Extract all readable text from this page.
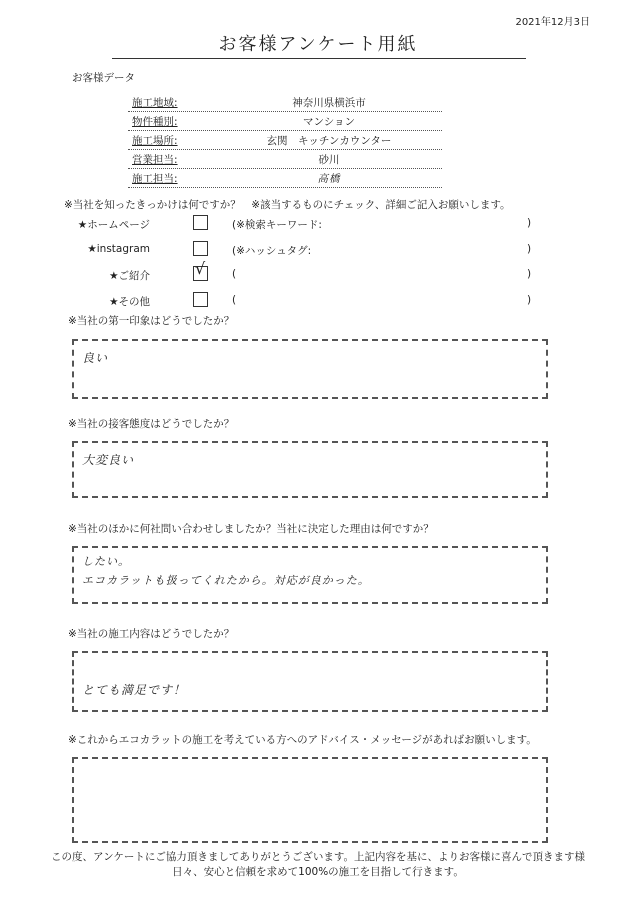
2021年12月3日
お客様アンケート用紙
お客様データ
施工地域:	神奈川県横浜市
物件種別:	マンション
施工場所:	玄関　キッチンカウンター
営業担当:	砂川
施工担当:	高橋
※当社を知ったきっかけは何ですか？　※該当するものにチェック、詳細ご記入お願いします。
★ホームページ	(※検索キーワード:	)
★instagram	(※ハッシュタグ:	)
★ご紹介	√ (	)
★その他	(	)
※当社の第一印象はどうでしたか？
良い
※当社の接客態度はどうでしたか？
大変良い
※当社のほかに何社問い合わせしましたか？当社に決定した理由は何ですか？
したい。
エコカラットも扱ってくれたから。対応が良かった。
※当社の施工内容はどうでしたか？
とても満足です！
※これからエコカラットの施工を考えている方へのアドバイス・メッセージがあればお願いします。
この度、アンケートにご協力頂きましてありがとうございます。上記内容を基に、よりお客様に喜んで頂きます様
日々、安心と信頼を求めて100%の施工を目指して行きます。
